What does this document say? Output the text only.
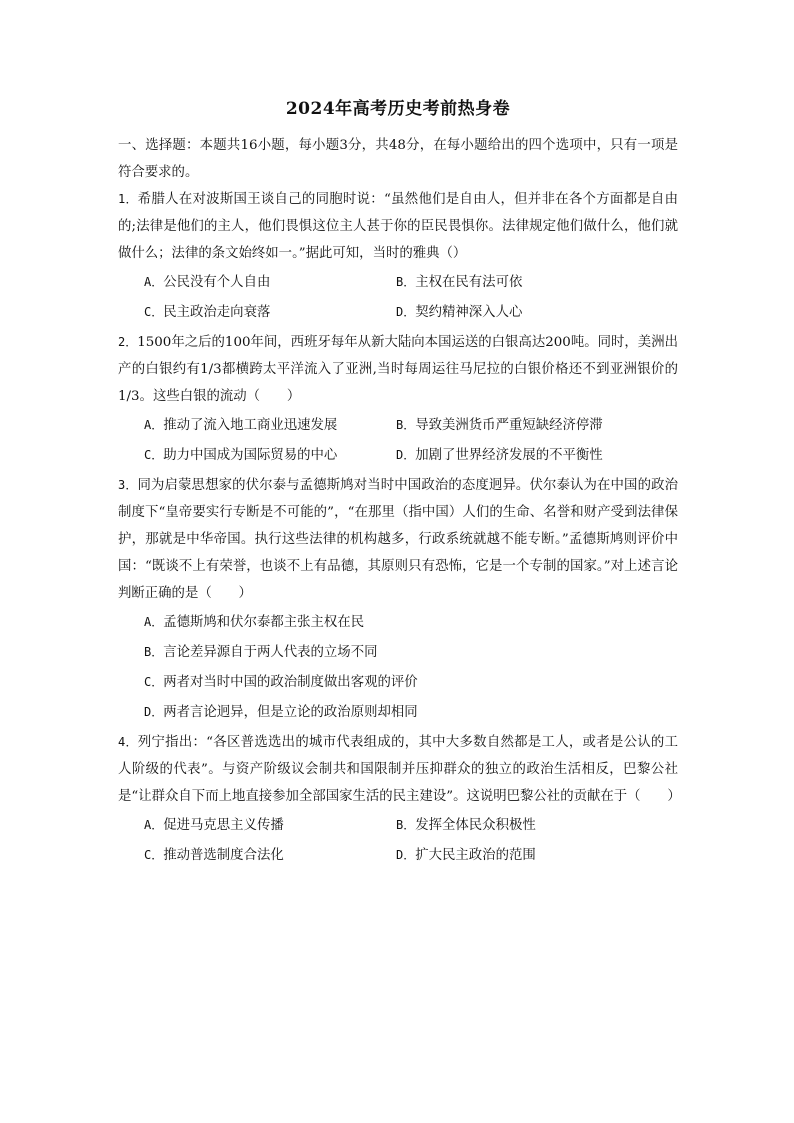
2024年高考历史考前热身卷

一、选择题：本题共16小题，每小题3分，共48分，在每小题给出的四个选项中，只有一项是符合要求的。

1．希腊人在对波斯国王谈自己的同胞时说：“虽然他们是自由人，但并非在各个方面都是自由的;法律是他们的主人，他们畏惧这位主人甚于你的臣民畏惧你。法律规定他们做什么，他们就做什么；法律的条文始终如一。”据此可知，当时的雅典（）

A．公民没有个人自由	B．主权在民有法可依
C．民主政治走向衰落	D．契约精神深入人心

2．1500年之后的100年间，西班牙每年从新大陆向本国运送的白银高达200吨。同时，美洲出产的白银约有1/3都横跨太平洋流入了亚洲,当时每周运往马尼拉的白银价格还不到亚洲银价的1/3。这些白银的流动（　　）

A．推动了流入地工商业迅速发展	B．导致美洲货币严重短缺经济停滞
C．助力中国成为国际贸易的中心	D．加剧了世界经济发展的不平衡性

3．同为启蒙思想家的伏尔泰与孟德斯鸠对当时中国政治的态度迥异。伏尔泰认为在中国的政治制度下“皇帝要实行专断是不可能的”，“在那里（指中国）人们的生命、名誉和财产受到法律保护，那就是中华帝国。执行这些法律的机构越多，行政系统就越不能专断。”孟德斯鸠则评价中国：“既谈不上有荣誉，也谈不上有品德，其原则只有恐怖，它是一个专制的国家。”对上述言论判断正确的是（　　）

A．孟德斯鸠和伏尔泰都主张主权在民
B．言论差异源自于两人代表的立场不同
C．两者对当时中国的政治制度做出客观的评价
D．两者言论迥异，但是立论的政治原则却相同

4．列宁指出：“各区普选选出的城市代表组成的，其中大多数自然都是工人，或者是公认的工人阶级的代表”。与资产阶级议会制共和国限制并压抑群众的独立的政治生活相反，巴黎公社是“让群众自下而上地直接参加全部国家生活的民主建设”。这说明巴黎公社的贡献在于（　　）

A．促进马克思主义传播	B．发挥全体民众积极性
C．推动普选制度合法化	D．扩大民主政治的范围
